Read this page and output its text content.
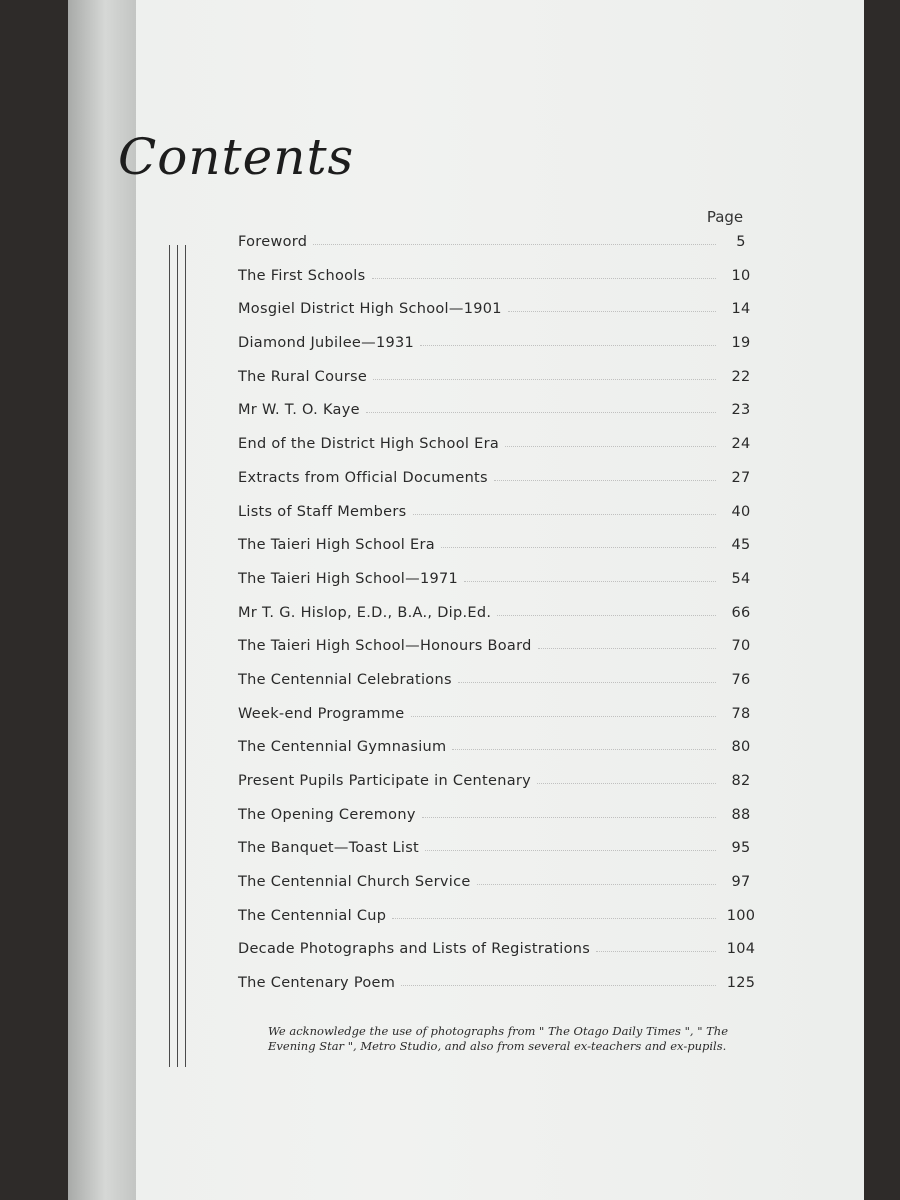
Contents
Page
Foreword	5
The First Schools	10
Mosgiel District High School—1901	14
Diamond Jubilee—1931	19
The Rural Course	22
Mr W. T. O. Kaye	23
End of the District High School Era	24
Extracts from Official Documents	27
Lists of Staff Members	40
The Taieri High School Era	45
The Taieri High School—1971	54
Mr T. G. Hislop, E.D., B.A., Dip.Ed.	66
The Taieri High School—Honours Board	70
The Centennial Celebrations	76
Week-end Programme	78
The Centennial Gymnasium	80
Present Pupils Participate in Centenary	82
The Opening Ceremony	88
The Banquet—Toast List	95
The Centennial Church Service	97
The Centennial Cup	100
Decade Photographs and Lists of Registrations	104
The Centenary Poem	125
We acknowledge the use of photographs from " The Otago Daily Times ", " The Evening Star ", Metro Studio, and also from several ex-teachers and ex-pupils.
